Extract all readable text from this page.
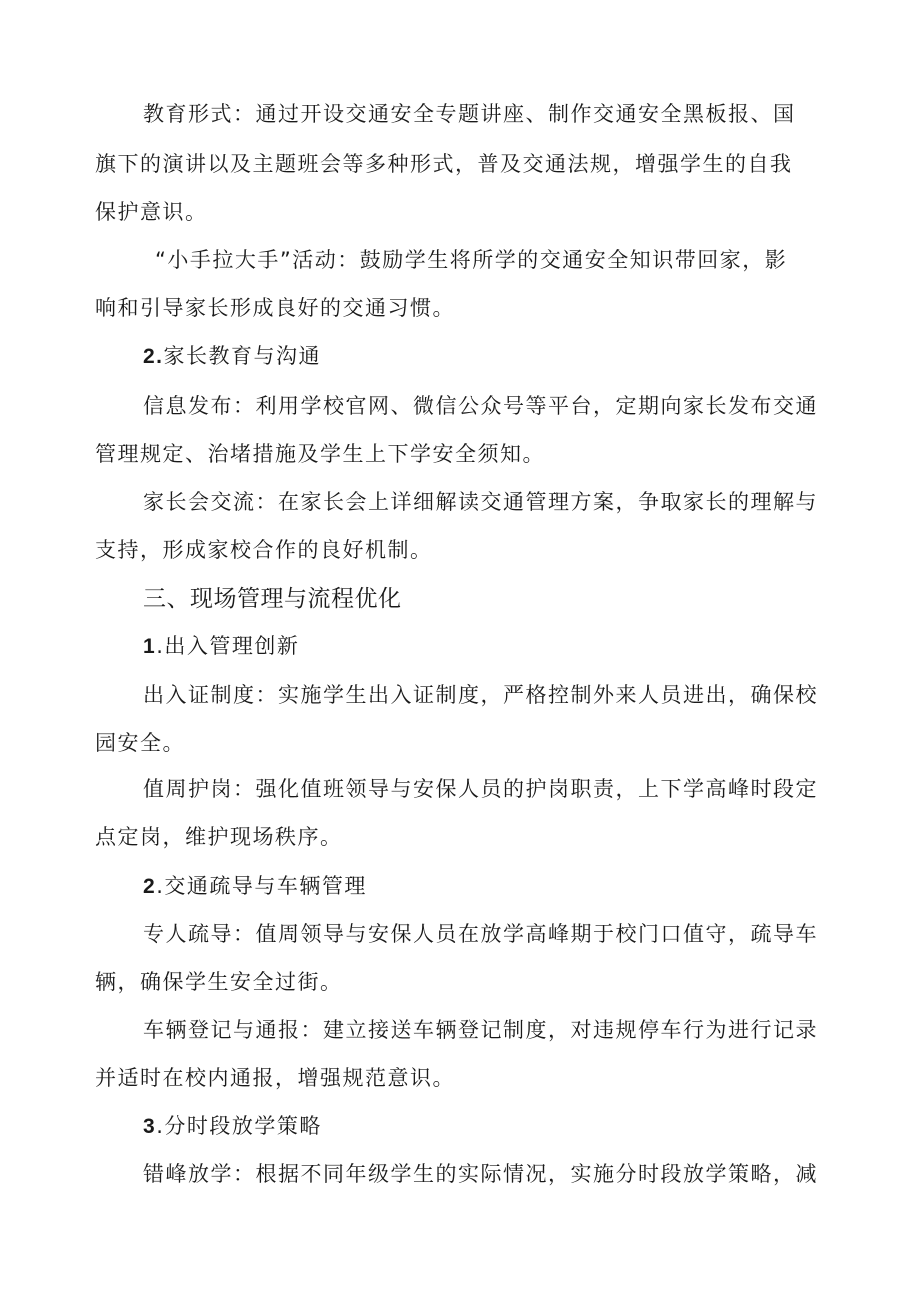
教育形式：通过开设交通安全专题讲座、制作交通安全黑板报、国
旗下的演讲以及主题班会等多种形式，普及交通法规，增强学生的自我
保护意识。
“小手拉大手”活动：鼓励学生将所学的交通安全知识带回家，影
响和引导家长形成良好的交通习惯。
2.家长教育与沟通
信息发布：利用学校官网、微信公众号等平台，定期向家长发布交通
管理规定、治堵措施及学生上下学安全须知。
家长会交流：在家长会上详细解读交通管理方案，争取家长的理解与
支持，形成家校合作的良好机制。
三、现场管理与流程优化
1.出入管理创新
出入证制度：实施学生出入证制度，严格控制外来人员进出，确保校
园安全。
值周护岗：强化值班领导与安保人员的护岗职责，上下学高峰时段定
点定岗，维护现场秩序。
2.交通疏导与车辆管理
专人疏导：值周领导与安保人员在放学高峰期于校门口值守，疏导车
辆，确保学生安全过街。
车辆登记与通报：建立接送车辆登记制度，对违规停车行为进行记录
并适时在校内通报，增强规范意识。
3.分时段放学策略
错峰放学：根据不同年级学生的实际情况，实施分时段放学策略，减
